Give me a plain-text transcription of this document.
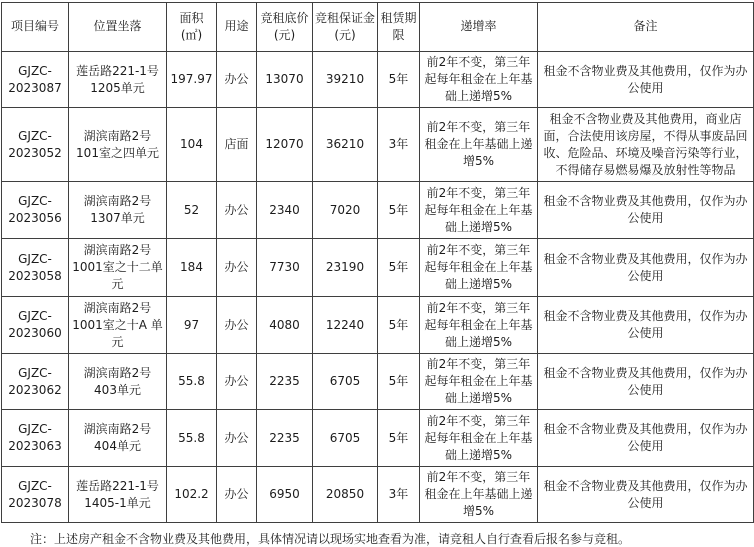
项目编号	位置坐落	面积(㎡)	用途	竞租底价(元)	竞租保证金(元)	租赁期限	递增率	备注
GJZC-2023087	莲岳路221-1号 1205单元	197.97	办公	13070	39210	5年	前2年不变，第三年起每年租金在上年基础上递增5%	租金不含物业费及其他费用，仅作为办公使用
GJZC-2023052	湖滨南路2号 101室之四单元	104	店面	12070	36210	3年	前2年不变，第三年租金在上年基础上递增5%	租金不含物业费及其他费用，商业店面，合法使用该房屋，不得从事废品回收、危险品、环境及噪音污染等行业，不得储存易燃易爆及放射性等物品
GJZC-2023056	湖滨南路2号 1307单元	52	办公	2340	7020	5年	前2年不变，第三年起每年租金在上年基础上递增5%	租金不含物业费及其他费用，仅作为办公使用
GJZC-2023058	湖滨南路2号 1001室之十二单元	184	办公	7730	23190	5年	前2年不变，第三年起每年租金在上年基础上递增5%	租金不含物业费及其他费用，仅作为办公使用
GJZC-2023060	湖滨南路2号 1001室之十A 单元	97	办公	4080	12240	5年	前2年不变，第三年起每年租金在上年基础上递增5%	租金不含物业费及其他费用，仅作为办公使用
GJZC-2023062	湖滨南路2号 403单元	55.8	办公	2235	6705	5年	前2年不变，第三年起每年租金在上年基础上递增5%	租金不含物业费及其他费用，仅作为办公使用
GJZC-2023063	湖滨南路2号 404单元	55.8	办公	2235	6705	5年	前2年不变，第三年起每年租金在上年基础上递增5%	租金不含物业费及其他费用，仅作为办公使用
GJZC-2023078	莲岳路221-1号 1405-1单元	102.2	办公	6950	20850	3年	前2年不变，第三年租金在上年基础上递增5%	租金不含物业费及其他费用，仅作为办公使用
注：上述房产租金不含物业费及其他费用，具体情况请以现场实地查看为准，请竞租人自行查看后报名参与竞租。
